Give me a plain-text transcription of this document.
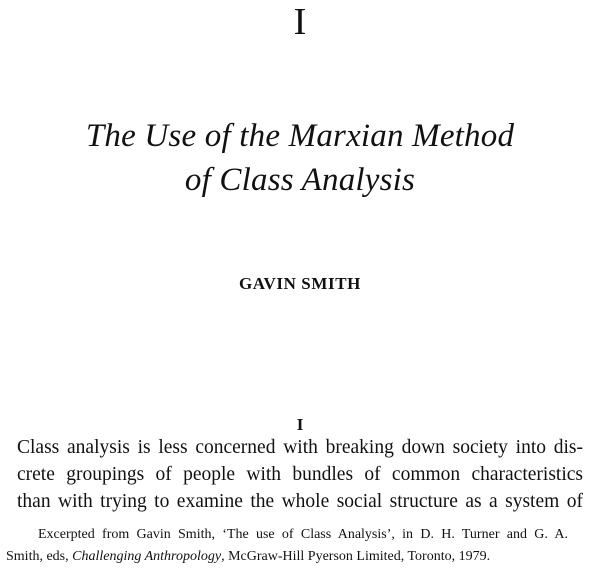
I
The Use of the Marxian Method
of Class Analysis
GAVIN SMITH
I
Class analysis is less concerned with breaking down society into dis-
crete groupings of people with bundles of common characteristics
than with trying to examine the whole social structure as a system of
Excerpted from Gavin Smith, ‘The use of Class Analysis’, in D. H. Turner and G. A.
Smith, eds, Challenging Anthropology, McGraw-Hill Pyerson Limited, Toronto, 1979.
